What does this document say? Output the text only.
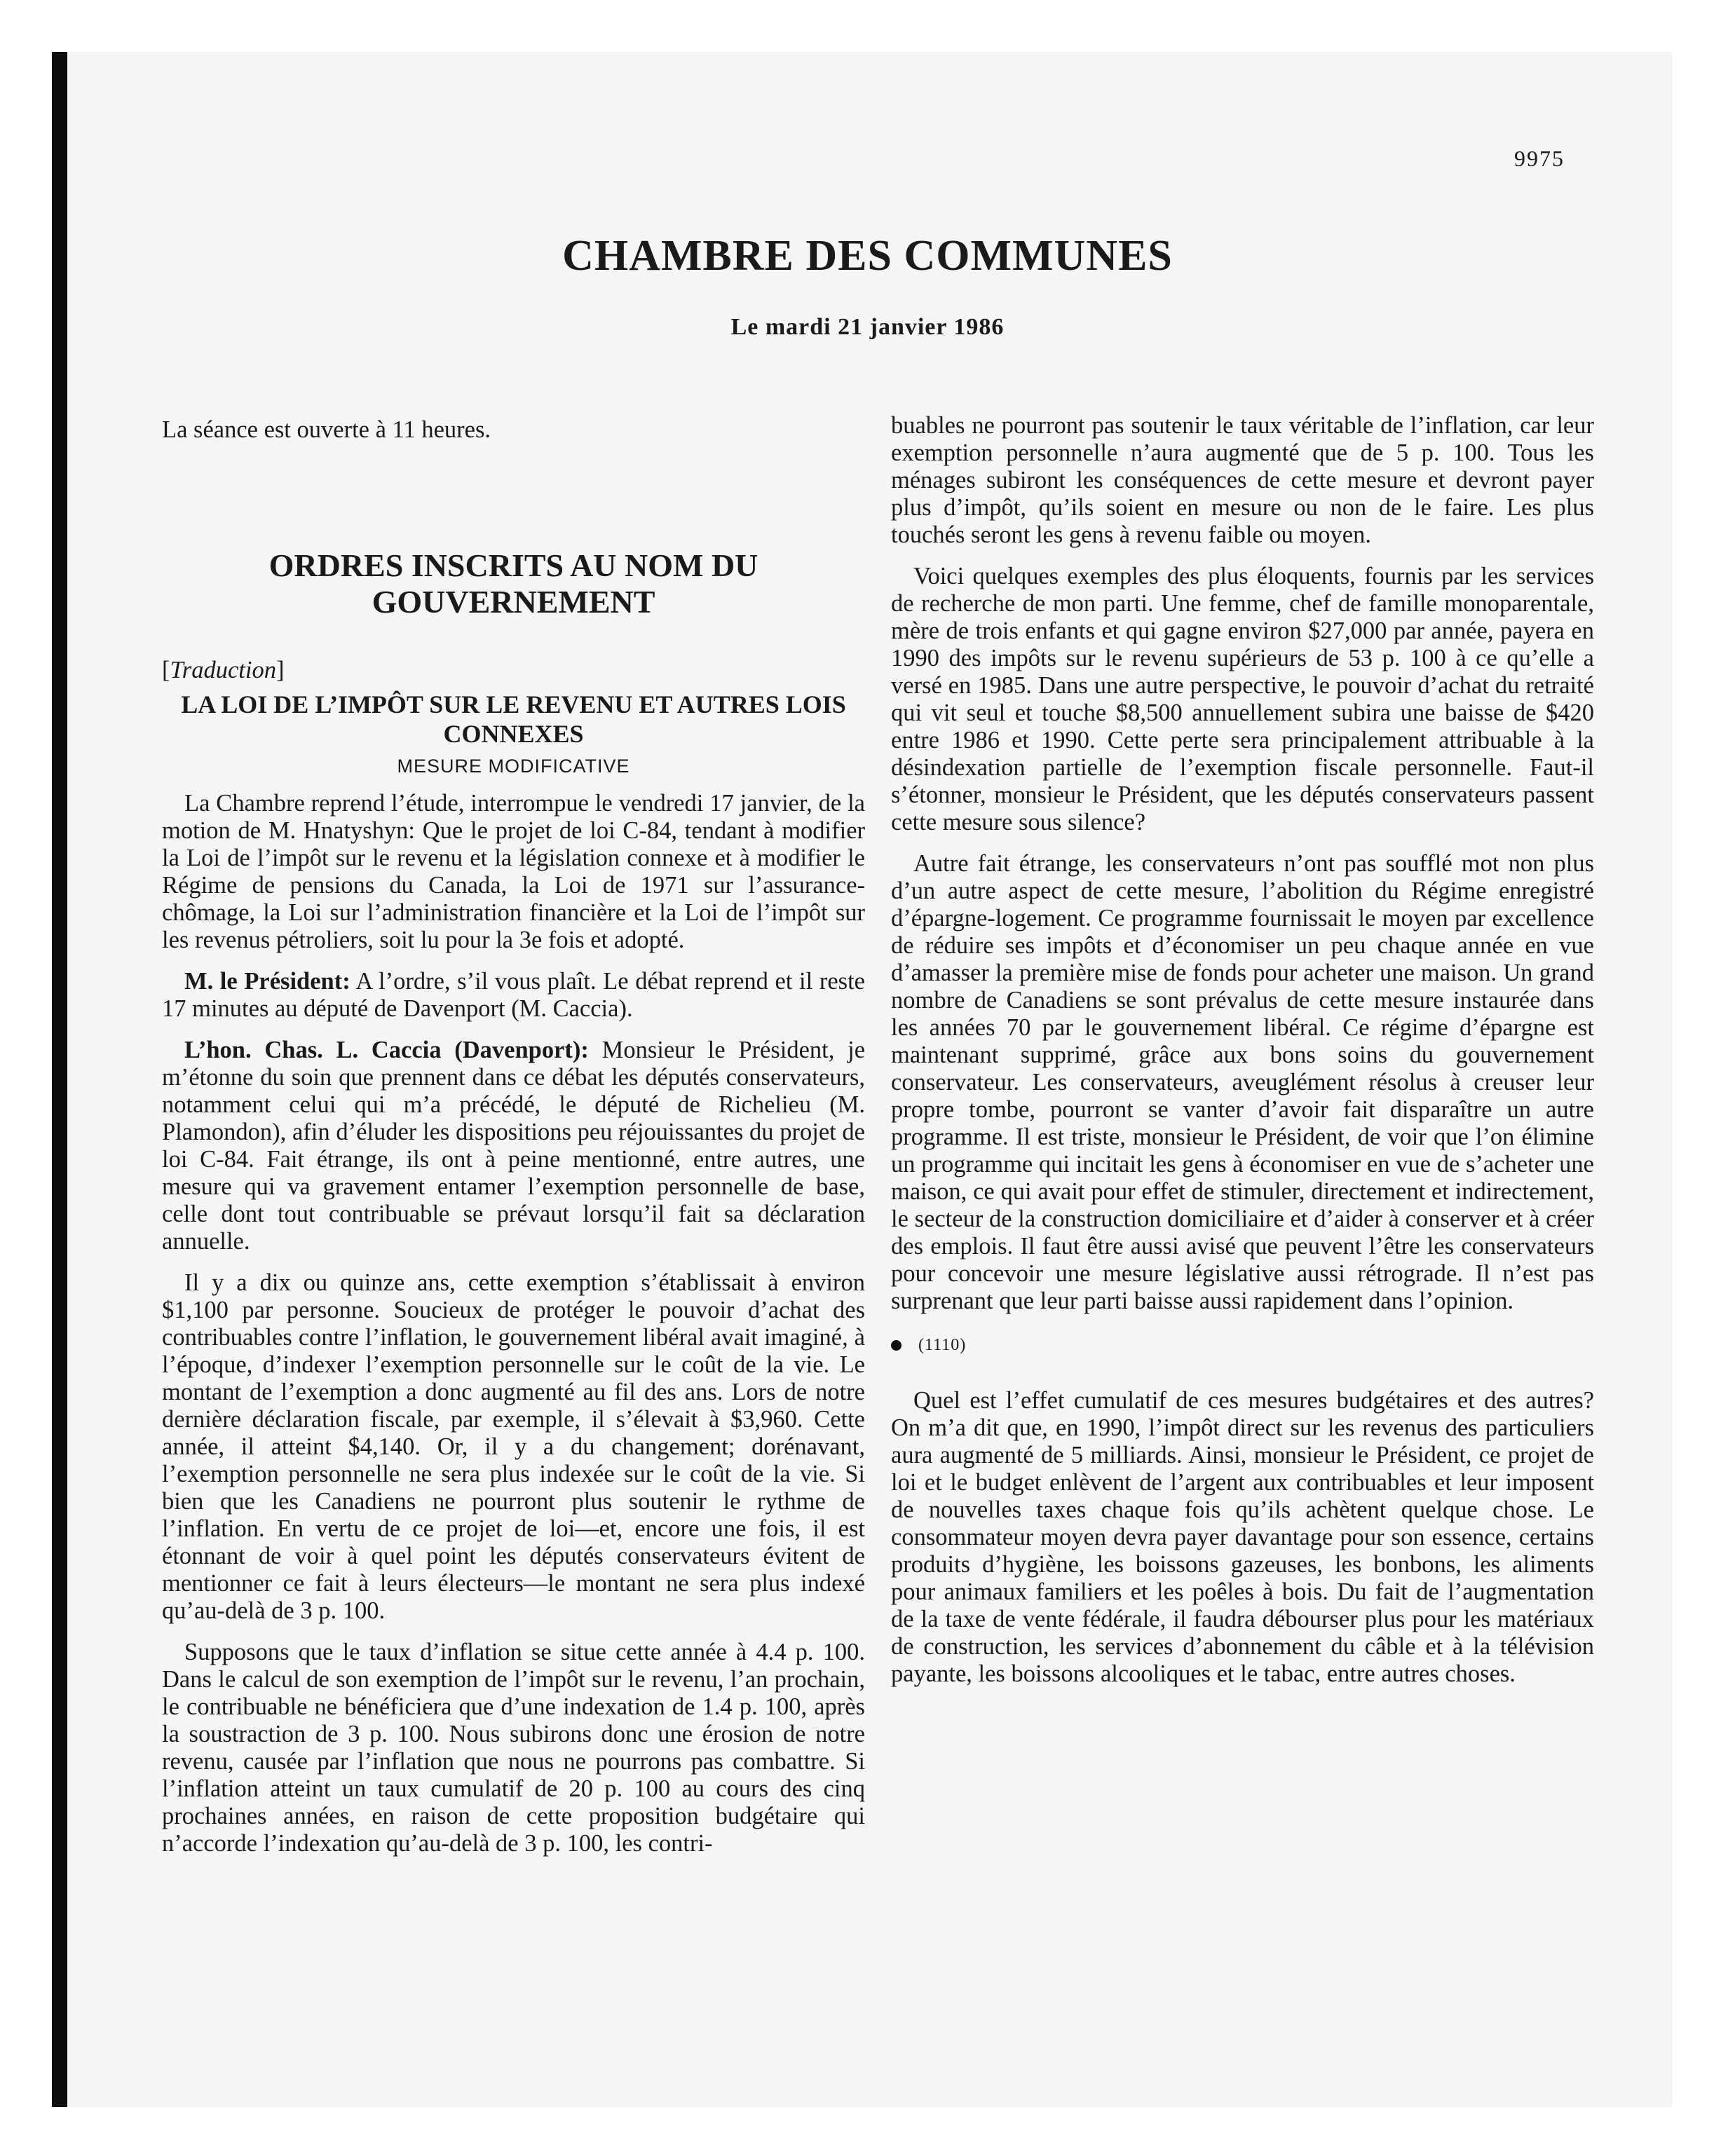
9975
CHAMBRE DES COMMUNES
Le mardi 21 janvier 1986

La séance est ouverte à 11 heures.

ORDRES INSCRITS AU NOM DU GOUVERNEMENT

[Traduction]

LA LOI DE L’IMPÔT SUR LE REVENU ET AUTRES LOIS CONNEXES
MESURE MODIFICATIVE

La Chambre reprend l’étude, interrompue le vendredi 17 janvier, de la motion de M. Hnatyshyn: Que le projet de loi C-84, tendant à modifier la Loi de l’impôt sur le revenu et la législation connexe et à modifier le Régime de pensions du Canada, la Loi de 1971 sur l’assurance-chômage, la Loi sur l’administration financière et la Loi de l’impôt sur les revenus pétroliers, soit lu pour la 3e fois et adopté.

M. le Président: A l’ordre, s’il vous plaît. Le débat reprend et il reste 17 minutes au député de Davenport (M. Caccia).

L’hon. Chas. L. Caccia (Davenport): Monsieur le Président, je m’étonne du soin que prennent dans ce débat les députés conservateurs, notamment celui qui m’a précédé, le député de Richelieu (M. Plamondon), afin d’éluder les dispositions peu réjouissantes du projet de loi C-84. Fait étrange, ils ont à peine mentionné, entre autres, une mesure qui va gravement entamer l’exemption personnelle de base, celle dont tout contribuable se prévaut lorsqu’il fait sa déclaration annuelle.

Il y a dix ou quinze ans, cette exemption s’établissait à environ $1,100 par personne. Soucieux de protéger le pouvoir d’achat des contribuables contre l’inflation, le gouvernement libéral avait imaginé, à l’époque, d’indexer l’exemption personnelle sur le coût de la vie. Le montant de l’exemption a donc augmenté au fil des ans. Lors de notre dernière déclaration fiscale, par exemple, il s’élevait à $3,960. Cette année, il atteint $4,140. Or, il y a du changement; dorénavant, l’exemption personnelle ne sera plus indexée sur le coût de la vie. Si bien que les Canadiens ne pourront plus soutenir le rythme de l’inflation. En vertu de ce projet de loi—et, encore une fois, il est étonnant de voir à quel point les députés conservateurs évitent de mentionner ce fait à leurs électeurs—le montant ne sera plus indexé qu’au-delà de 3 p. 100.

Supposons que le taux d’inflation se situe cette année à 4.4 p. 100. Dans le calcul de son exemption de l’impôt sur le revenu, l’an prochain, le contribuable ne bénéficiera que d’une indexation de 1.4 p. 100, après la soustraction de 3 p. 100. Nous subirons donc une érosion de notre revenu, causée par l’inflation que nous ne pourrons pas combattre. Si l’inflation atteint un taux cumulatif de 20 p. 100 au cours des cinq prochaines années, en raison de cette proposition budgétaire qui n’accorde l’indexation qu’au-delà de 3 p. 100, les contri-

buables ne pourront pas soutenir le taux véritable de l’inflation, car leur exemption personnelle n’aura augmenté que de 5 p. 100. Tous les ménages subiront les conséquences de cette mesure et devront payer plus d’impôt, qu’ils soient en mesure ou non de le faire. Les plus touchés seront les gens à revenu faible ou moyen.

Voici quelques exemples des plus éloquents, fournis par les services de recherche de mon parti. Une femme, chef de famille monoparentale, mère de trois enfants et qui gagne environ $27,000 par année, payera en 1990 des impôts sur le revenu supérieurs de 53 p. 100 à ce qu’elle a versé en 1985. Dans une autre perspective, le pouvoir d’achat du retraité qui vit seul et touche $8,500 annuellement subira une baisse de $420 entre 1986 et 1990. Cette perte sera principalement attribuable à la désindexation partielle de l’exemption fiscale personnelle. Faut-il s’étonner, monsieur le Président, que les députés conservateurs passent cette mesure sous silence?

Autre fait étrange, les conservateurs n’ont pas soufflé mot non plus d’un autre aspect de cette mesure, l’abolition du Régime enregistré d’épargne-logement. Ce programme fournissait le moyen par excellence de réduire ses impôts et d’économiser un peu chaque année en vue d’amasser la première mise de fonds pour acheter une maison. Un grand nombre de Canadiens se sont prévalus de cette mesure instaurée dans les années 70 par le gouvernement libéral. Ce régime d’épargne est maintenant supprimé, grâce aux bons soins du gouvernement conservateur. Les conservateurs, aveuglément résolus à creuser leur propre tombe, pourront se vanter d’avoir fait disparaître un autre programme. Il est triste, monsieur le Président, de voir que l’on élimine un programme qui incitait les gens à économiser en vue de s’acheter une maison, ce qui avait pour effet de stimuler, directement et indirectement, le secteur de la construction domiciliaire et d’aider à conserver et à créer des emplois. Il faut être aussi avisé que peuvent l’être les conservateurs pour concevoir une mesure législative aussi rétrograde. Il n’est pas surprenant que leur parti baisse aussi rapidement dans l’opinion.

(1110)

Quel est l’effet cumulatif de ces mesures budgétaires et des autres? On m’a dit que, en 1990, l’impôt direct sur les revenus des particuliers aura augmenté de 5 milliards. Ainsi, monsieur le Président, ce projet de loi et le budget enlèvent de l’argent aux contribuables et leur imposent de nouvelles taxes chaque fois qu’ils achètent quelque chose. Le consommateur moyen devra payer davantage pour son essence, certains produits d’hygiène, les boissons gazeuses, les bonbons, les aliments pour animaux familiers et les poêles à bois. Du fait de l’augmentation de la taxe de vente fédérale, il faudra débourser plus pour les matériaux de construction, les services d’abonnement du câble et à la télévision payante, les boissons alcooliques et le tabac, entre autres choses.
